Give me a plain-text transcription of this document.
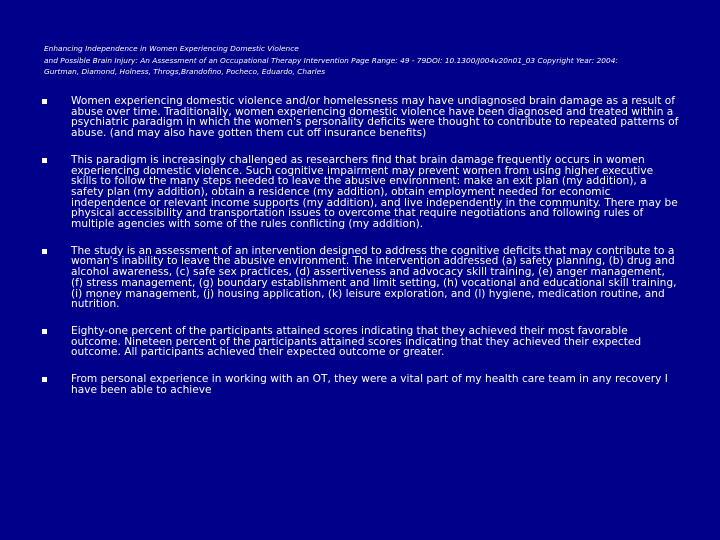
Enhancing Independence in Women Experiencing Domestic Violence
and Possible Brain Injury: An Assessment of an Occupational Therapy Intervention Page Range: 49 - 79DOI: 10.1300/J004v20n01_03 Copyright Year: 2004:
Gurtman, Diamond, Holness, Throgs,Brandofino, Pocheco, Eduardo, Charles
Women experiencing domestic violence and/or homelessness may have undiagnosed brain damage as a result of abuse over time. Traditionally, women experiencing domestic violence have been diagnosed and treated within a psychiatric paradigm in which the women's personality deficits were thought to contribute to repeated patterns of abuse. (and may also have gotten them cut off insurance benefits)
This paradigm is increasingly challenged as researchers find that brain damage frequently occurs in women experiencing domestic violence. Such cognitive impairment may prevent women from using higher executive skills to follow the many steps needed to leave the abusive environment: make an exit plan (my addition), a safety plan (my addition), obtain a residence (my addition), obtain employment needed for economic independence or relevant income supports (my addition), and live independently in the community. There may be physical accessibility and transportation issues to overcome that require negotiations and following rules of multiple agencies with some of the rules conflicting (my addition).
The study is an assessment of an intervention designed to address the cognitive deficits that may contribute to a woman's inability to leave the abusive environment. The intervention addressed (a) safety planning, (b) drug and alcohol awareness, (c) safe sex practices, (d) assertiveness and advocacy skill training, (e) anger management, (f) stress management, (g) boundary establishment and limit setting, (h) vocational and educational skill training, (i) money management, (j) housing application, (k) leisure exploration, and (l) hygiene, medication routine, and nutrition.
Eighty-one percent of the participants attained scores indicating that they achieved their most favorable outcome. Nineteen percent of the participants attained scores indicating that they achieved their expected outcome. All participants achieved their expected outcome or greater.
From personal experience in working with an OT, they were a vital part of my health care team in any recovery I have been able to achieve
